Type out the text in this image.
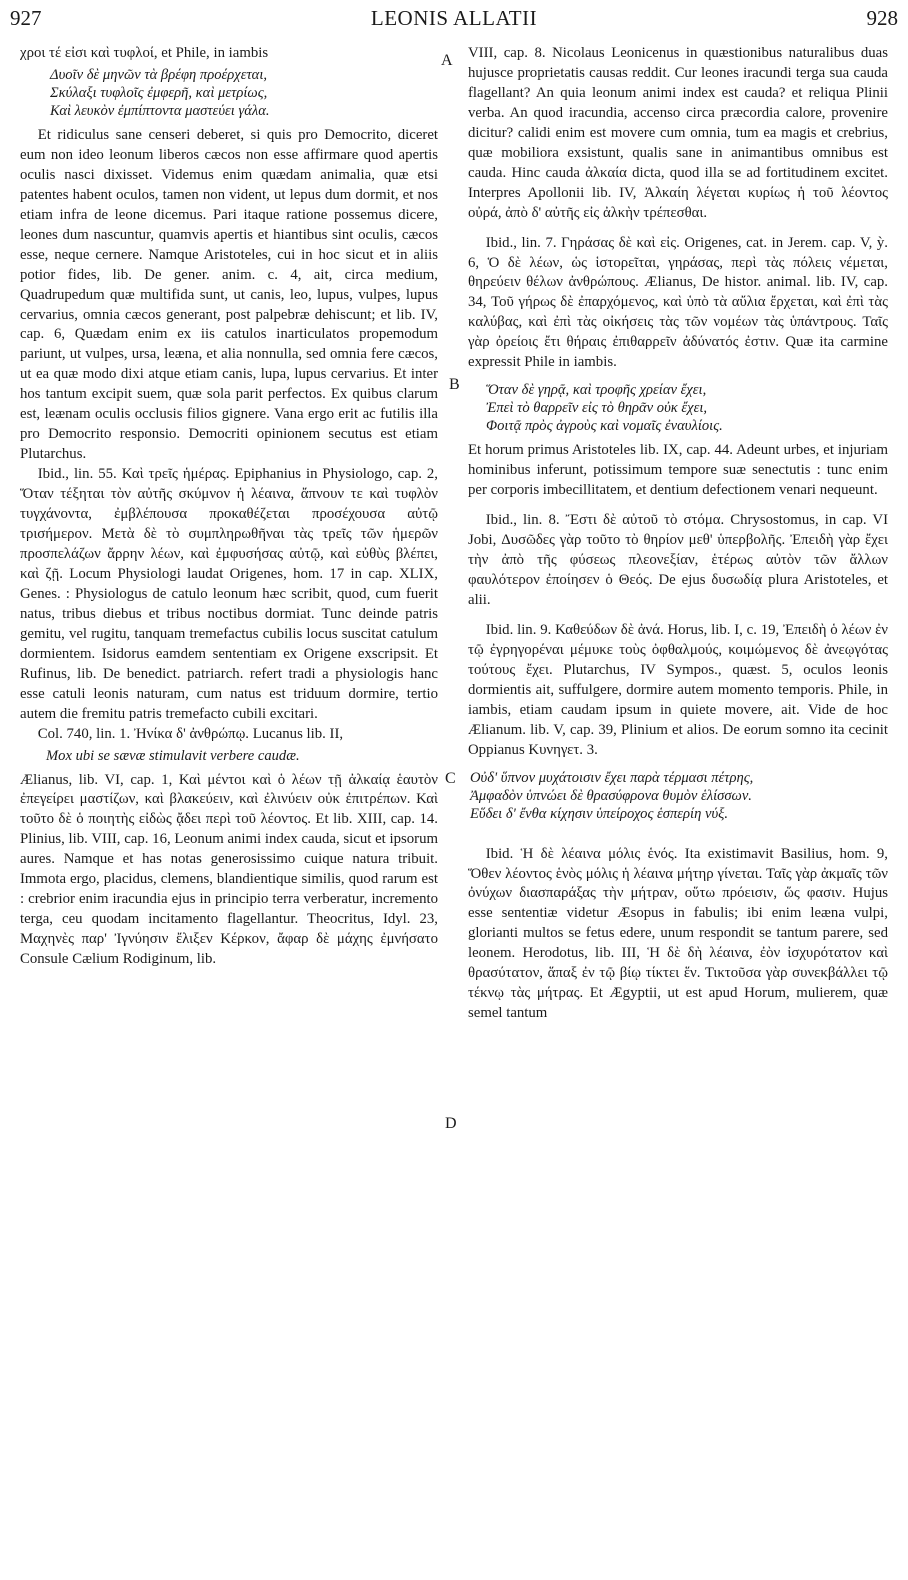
927	LEONIS ALLATII	928
A
B
C
D

χροι τέ εἰσι καὶ τυφλοί, et Phile, in iambis

Δυοῖν δὲ μηνῶν τὰ βρέφη προέρχεται,
Σκύλαξι τυφλοῖς ἐμφερῆ, καὶ μετρίως,
Καὶ λευκὸν ἐμπίπτοντα μαστεύει γάλα.

Et ridiculus sane censeri deberet, si quis pro Democrito, diceret eum non ideo leonum liberos cæcos non esse affirmare quod apertis oculis nasci dixisset. Videmus enim quædam animalia, quæ etsi patentes habent oculos, tamen non vident, ut lepus dum dormit, et nos etiam infra de leone dicemus. Pari itaque ratione possemus dicere, leones dum nascuntur, quamvis apertis et hiantibus sint oculis, cæcos esse, neque cernere. Namque Aristoteles, cui in hoc sicut et in aliis potior fides, lib. De gener. anim. c. 4, ait, circa medium, Quadrupedum quæ multifida sunt, ut canis, leo, lupus, vulpes, lupus cervarius, omnia cæcos generant, post palpebræ dehiscunt; et lib. IV, cap. 6, Quædam enim ex iis catulos inarticulatos propemodum pariunt, ut vulpes, ursa, leæna, et alia nonnulla, sed omnia fere cæcos, ut ea quæ modo dixi atque etiam canis, lupa, lupus cervarius. Et inter hos tantum excipit suem, quæ sola parit perfectos. Ex quibus clarum est, leænam oculis occlusis filios gignere. Vana ergo erit ac futilis illa pro Democrito responsio. Democriti opinionem secutus est etiam Plutarchus.

Ibid., lin. 55. Καὶ τρεῖς ἡμέρας. Epiphanius in Physiologo, cap. 2, Ὅταν τέξηται τὸν αὐτῆς σκύμνον ἡ λέαινα, ἄπνουν τε καὶ τυφλὸν τυγχάνοντα, ἐμβλέπουσα προκαθέζεται προσέχουσα αὐτῷ τρισήμερον. Μετὰ δὲ τὸ συμπληρωθῆναι τὰς τρεῖς τῶν ἡμερῶν προσπελάζων ἄρρην λέων, καὶ ἐμφυσήσας αὐτῷ, καὶ εὐθὺς βλέπει, καὶ ζῇ. Locum Physiologi laudat Origenes, hom. 17 in cap. XLIX, Genes. : Physiologus de catulo leonum hæc scribit, quod, cum fuerit natus, tribus diebus et tribus noctibus dormiat. Tunc deinde patris gemitu, vel rugitu, tanquam tremefactus cubilis locus suscitat catulum dormientem. Isidorus eamdem sententiam ex Origene exscripsit. Et Rufinus, lib. De benedict. patriarch. refert tradi a physiologis hanc esse catuli leonis naturam, cum natus est triduum dormire, tertio autem die fremitu patris tremefacto cubili excitari.

Col. 740, lin. 1. Ἠνίκα δ' ἀνθρώπῳ. Lucanus lib. II,

Mox ubi se sævæ stimulavit verbere caudæ.

Ælianus, lib. VI, cap. 1, Καὶ μέντοι καὶ ὁ λέων τῇ ἀλκαίᾳ ἑαυτὸν ἐπεγείρει μαστίζων, καὶ βλακεύειν, καὶ ἐλινύειν οὐκ ἐπιτρέπων. Καὶ τοῦτο δὲ ὁ ποιητὴς εἰδὼς ᾄδει περὶ τοῦ λέοντος. Et lib. XIII, cap. 14. Plinius, lib. VIII, cap. 16, Leonum animi index cauda, sicut et ipsorum aures. Namque et has notas generosissimo cuique natura tribuit. Immota ergo, placidus, clemens, blandientique similis, quod rarum est : crebrior enim iracundia ejus in principio terra verberatur, incremento terga, ceu quodam incitamento flagellantur. Theocritus, Idyl. 23, Μαχηνὲς παρ' Ἰγνύησιν ἔλιξεν Κέρκον, ἄφαρ δὲ μάχης ἐμνήσατο Consule Cælium Rodiginum, lib.

VIII, cap. 8. Nicolaus Leonicenus in quæstionibus naturalibus duas hujusce proprietatis causas reddit. Cur leones iracundi terga sua cauda flagellant? An quia leonum animi index est cauda? et reliqua Plinii verba. An quod iracundia, accenso circa præcordia calore, provenire dicitur? calidi enim est movere cum omnia, tum ea magis et crebrius, quæ mobiliora exsistunt, qualis sane in animantibus omnibus est cauda. Hinc cauda ἀλκαία dicta, quod illa se ad fortitudinem excitet. Interpres Apollonii lib. IV, Ἀλκαίη λέγεται κυρίως ἡ τοῦ λέοντος οὐρά, ἀπὸ δ' αὐτῆς εἰς ἀλκὴν τρέπεσθαι.

Ibid., lin. 7. Γηράσας δὲ καὶ εἰς. Origenes, cat. in Jerem. cap. V, ỳ. 6, Ὁ δὲ λέων, ὡς ἱστορεῖται, γηράσας, περὶ τὰς πόλεις νέμεται, θηρεύειν θέλων ἀνθρώπους. Ælianus, De histor. animal. lib. IV, cap. 34, Τοῦ γήρως δὲ ἐπαρχόμενος, καὶ ὑπὸ τὰ αὔλια ἔρχεται, καὶ ἐπὶ τὰς καλύβας, καὶ ἐπὶ τὰς οἰκήσεις τὰς τῶν νομέων τὰς ὑπάντρους. Ταῖς γὰρ ὀρείοις ἔτι θήραις ἐπιθαρρεῖν ἀδύνατός ἐστιν. Quæ ita carmine expressit Phile in iambis.

Ὅταν δὲ γηρᾷ, καὶ τροφῆς χρείαν ἔχει,
Ἐπεὶ τὸ θαρρεῖν εἰς τὸ θηρᾶν οὐκ ἔχει,
Φοιτᾷ πρὸς ἀγροὺς καὶ νομαῖς ἐναυλίοις.

Et horum primus Aristoteles lib. IX, cap. 44. Adeunt urbes, et injuriam hominibus inferunt, potissimum tempore suæ senectutis : tunc enim per corporis imbecillitatem, et dentium defectionem venari nequeunt.

Ibid., lin. 8. Ἔστι δὲ αὐτοῦ τὸ στόμα. Chrysostomus, in cap. VI Jobi, Δυσῶδες γὰρ τοῦτο τὸ θηρίον μεθ' ὑπερβολῆς. Ἐπειδὴ γὰρ ἔχει τὴν ἀπὸ τῆς φύσεως πλεονεξίαν, ἑτέρως αὐτὸν τῶν ἄλλων φαυλότερον ἐποίησεν ὁ Θεός. De ejus δυσωδίᾳ plura Aristoteles, et alii.

Ibid. lin. 9. Καθεύδων δὲ ἀνά. Horus, lib. I, c. 19, Ἐπειδὴ ὁ λέων ἐν τῷ ἐγρηγορέναι μέμυκε τοὺς ὀφθαλμούς, κοιμώμενος δὲ ἀνεῳγότας τούτους ἔχει. Plutarchus, IV Sympos., quæst. 5, oculos leonis dormientis ait, suffulgere, dormire autem momento temporis. Phile, in iambis, etiam caudam ipsum in quiete movere, ait. Vide de hoc Ælianum. lib. V, cap. 39, Plinium et alios. De eorum somno ita cecinit Oppianus Κυνηγετ. 3.

Οὐδ' ὕπνον μυχάτοισιν ἔχει παρὰ τέρμασι πέτρης,
Ἀμφαδὸν ὑπνώει δὲ θρασύφρονα θυμὸν ἑλίσσων.
Εὕδει δ' ἔνθα κίχησιν ὑπείροχος ἑσπερίη νύξ.

Ibid. Ἡ δὲ λέαινα μόλις ἑνός. Ita existimavit Basilius, hom. 9, Ὅθεν λέοντος ἑνὸς μόλις ἡ λέαινα μήτηρ γίνεται. Ταῖς γὰρ ἀκμαῖς τῶν ὀνύχων διασπαράξας τὴν μήτραν, οὕτω πρόεισιν, ὥς φασιν. Hujus esse sententiæ videtur Æsopus in fabulis; ibi enim leæna vulpi, glorianti multos se fetus edere, unum respondit se tantum parere, sed leonem. Herodotus, lib. III, Ἡ δὲ δὴ λέαινα, ἐὸν ἰσχυρότατον καὶ θρασύτατον, ἅπαξ ἐν τῷ βίῳ τίκτει ἕν. Τικτοῦσα γὰρ συνεκβάλλει τῷ τέκνῳ τὰς μήτρας. Et Ægyptii, ut est apud Horum, mulierem, quæ semel tantum
